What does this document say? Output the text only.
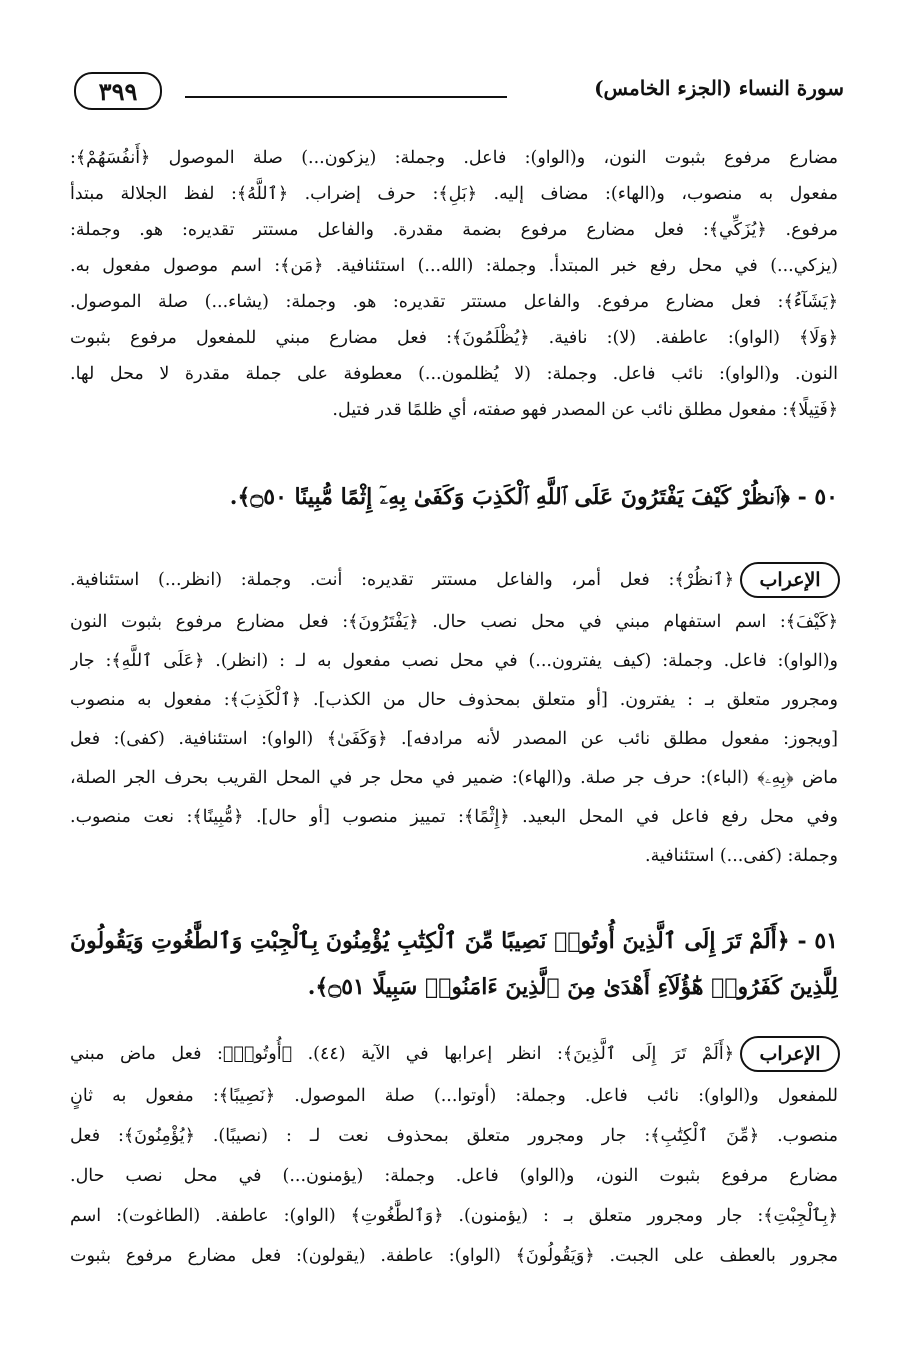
سورة النساء (الجزء الخامس)
٣٩٩
مضارع مرفوع بثبوت النون، و(الواو): فاعل. وجملة: (يزكون...) صلة الموصول ﴿أَنفُسَهُمْ﴾:
مفعول به منصوب، و(الهاء): مضاف إليه. ﴿بَلِ﴾: حرف إضراب. ﴿ٱللَّهُ﴾: لفظ الجلالة مبتدأ
مرفوع. ﴿يُزَكِّي﴾: فعل مضارع مرفوع بضمة مقدرة. والفاعل مستتر تقديره: هو. وجملة:
(يزكي...) في محل رفع خبر المبتدأ. وجملة: (الله...) استئنافية. ﴿مَن﴾: اسم موصول مفعول به.
﴿يَشَآءُ﴾: فعل مضارع مرفوع. والفاعل مستتر تقديره: هو. وجملة: (يشاء...) صلة الموصول.
﴿وَلَا﴾ (الواو): عاطفة. (لا): نافية. ﴿يُظْلَمُونَ﴾: فعل مضارع مبني للمفعول مرفوع بثبوت
النون. و(الواو): نائب فاعل. وجملة: (لا يُظلمون...) معطوفة على جملة مقدرة لا محل لها.
﴿فَتِيلًا﴾: مفعول مطلق نائب عن المصدر فهو صفته، أي ظلمًا قدر فتيل.
٥٠ - ﴿ٱنظُرْ كَيْفَ يَفْتَرُونَ عَلَى ٱللَّهِ ٱلْكَذِبَ وَكَفَىٰ بِهِۦٓ إِثْمًا مُّبِينًا ۝٥٠﴾.
الإعراب
﴿ٱنظُرْ﴾: فعل أمر، والفاعل مستتر تقديره: أنت. وجملة: (انظر...) استئنافية.
﴿كَيْفَ﴾: اسم استفهام مبني في محل نصب حال. ﴿يَفْتَرُونَ﴾: فعل مضارع مرفوع بثبوت النون
و(الواو): فاعل. وجملة: (كيف يفترون...) في محل نصب مفعول به لـ : (انظر). ﴿عَلَى ٱللَّهِ﴾: جار
ومجرور متعلق بـ : يفترون. [أو متعلق بمحذوف حال من الكذب]. ﴿ٱلْكَذِبَ﴾: مفعول به منصوب
[ويجوز: مفعول مطلق نائب عن المصدر لأنه مرادفه]. ﴿وَكَفَىٰ﴾ (الواو): استئنافية. (كفى): فعل
ماض ﴿بِهِۦ﴾ (الباء): حرف جر صلة. و(الهاء): ضمير في محل جر في المحل القريب بحرف الجر الصلة،
وفي محل رفع فاعل في المحل البعيد. ﴿إِثْمًا﴾: تمييز منصوب [أو حال]. ﴿مُّبِينًا﴾: نعت منصوب.
وجملة: (كفى...) استئنافية.
٥١ - ﴿أَلَمْ تَرَ إِلَى ٱلَّذِينَ أُوتُوا۟ نَصِيبًا مِّنَ ٱلْكِتَٰبِ يُؤْمِنُونَ بِٱلْجِبْتِ وَٱلطَّٰغُوتِ وَيَقُولُونَ
لِلَّذِينَ كَفَرُوا۟ هَٰٓؤُلَآءِ أَهْدَىٰ مِنَ ٱلَّذِينَ ءَامَنُوا۟ سَبِيلًا ۝٥١﴾.
الإعراب
﴿أَلَمْ تَرَ إِلَى ٱلَّذِينَ﴾: انظر إعرابها في الآية (٤٤). ﴿أُوتُوا۟﴾: فعل ماض مبني
للمفعول و(الواو): نائب فاعل. وجملة: (أوتوا...) صلة الموصول. ﴿نَصِيبًا﴾: مفعول به ثانٍ
منصوب. ﴿مِّنَ ٱلْكِتَٰبِ﴾: جار ومجرور متعلق بمحذوف نعت لـ : (نصيبًا). ﴿يُؤْمِنُونَ﴾: فعل
مضارع مرفوع بثبوت النون، و(الواو) فاعل. وجملة: (يؤمنون...) في محل نصب حال.
﴿بِٱلْجِبْتِ﴾: جار ومجرور متعلق بـ : (يؤمنون). ﴿وَٱلطَّٰغُوتِ﴾ (الواو): عاطفة. (الطاغوت): اسم
مجرور بالعطف على الجبت. ﴿وَيَقُولُونَ﴾ (الواو): عاطفة. (يقولون): فعل مضارع مرفوع بثبوت
